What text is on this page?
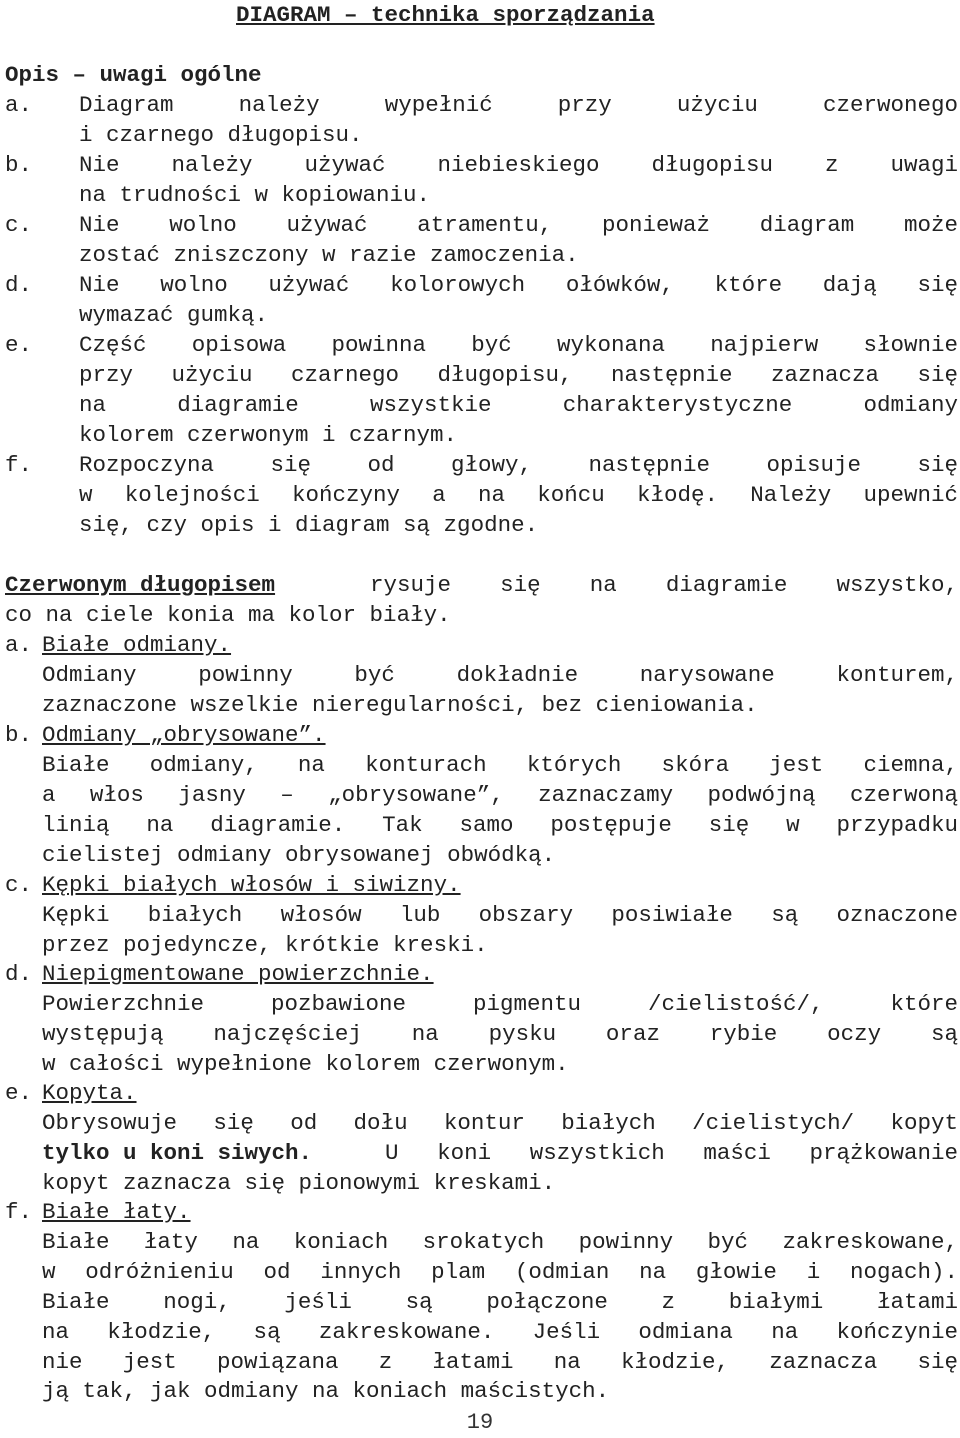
DIAGRAM – technika sporządzania
Opis – uwagi ogólne
a. Diagram należy wypełnić przy użyciu czerwonego
i czarnego długopisu.
b. Nie należy używać niebieskiego długopisu z uwagi
na trudności w kopiowaniu.
c. Nie wolno używać atramentu, ponieważ diagram może
zostać zniszczony w razie zamoczenia.
d. Nie wolno używać kolorowych ołówków, które dają się
wymazać gumką.
e. Część opisowa powinna być wykonana najpierw słownie
przy użyciu czarnego długopisu, następnie zaznacza się
na diagramie wszystkie charakterystyczne odmiany
kolorem czerwonym i czarnym.
f. Rozpoczyna się od głowy, następnie opisuje się
w kolejności kończyny a na końcu kłodę. Należy upewnić
się, czy opis i diagram są zgodne.
Czerwonym długopisem	rysuje się na diagramie wszystko,
co na ciele konia ma kolor biały.
a. Białe odmiany.
Odmiany powinny być dokładnie narysowane konturem,
zaznaczone wszelkie nieregularności, bez cieniowania.
b. Odmiany „obrysowane”.
Białe odmiany, na konturach których skóra jest ciemna,
a włos jasny – „obrysowane”, zaznaczamy podwójną czerwoną
linią na diagramie. Tak samo postępuje się w przypadku
cielistej odmiany obrysowanej obwódką.
c. Kępki białych włosów i siwizny.
Kępki białych włosów lub obszary posiwiałe są oznaczone
przez pojedyncze, krótkie kreski.
d. Niepigmentowane powierzchnie.
Powierzchnie pozbawione pigmentu /cielistość/, które
występują najczęściej na pysku oraz rybie oczy są
w całości wypełnione kolorem czerwonym.
e. Kopyta.
Obrysowuje się od dołu kontur białych /cielistych/ kopyt
tylko u koni siwych.	U koni wszystkich maści prążkowanie
kopyt zaznacza się pionowymi kreskami.
f. Białe łaty.
Białe łaty na koniach srokatych powinny być zakreskowane,
w odróżnieniu od innych plam (odmian na głowie i nogach).
Białe nogi, jeśli są połączone z białymi łatami
na kłodzie, są zakreskowane. Jeśli odmiana na kończynie
nie jest powiązana z łatami na kłodzie, zaznacza się
ją tak, jak odmiany na koniach maścistych.
19
